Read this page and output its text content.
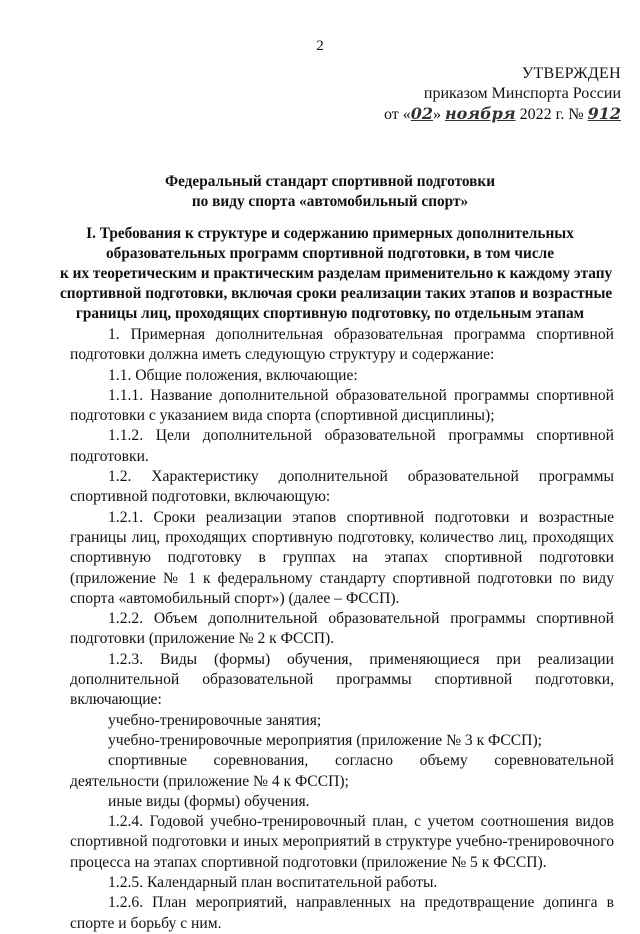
2
УТВЕРЖДЕН
приказом Минспорта России
от «02» ноября 2022 г. № 912
Федеральный стандарт спортивной подготовки
по виду спорта «автомобильный спорт»
I. Требования к структуре и содержанию примерных дополнительных
образовательных программ спортивной подготовки, в том числе
к их теоретическим и практическим разделам применительно к каждому этапу
спортивной подготовки, включая сроки реализации таких этапов и возрастные
границы лиц, проходящих спортивную подготовку, по отдельным этапам
1. Примерная дополнительная образовательная программа спортивной подготовки должна иметь следующую структуру и содержание:
1.1. Общие положения, включающие:
1.1.1. Название дополнительной образовательной программы спортивной подготовки с указанием вида спорта (спортивной дисциплины);
1.1.2. Цели дополнительной образовательной программы спортивной подготовки.
1.2. Характеристику дополнительной образовательной программы спортивной подготовки, включающую:
1.2.1. Сроки реализации этапов спортивной подготовки и возрастные границы лиц, проходящих спортивную подготовку, количество лиц, проходящих спортивную подготовку в группах на этапах спортивной подготовки (приложение № 1 к федеральному стандарту спортивной подготовки по виду спорта «автомобильный спорт») (далее – ФССП).
1.2.2. Объем дополнительной образовательной программы спортивной подготовки (приложение № 2 к ФССП).
1.2.3. Виды (формы) обучения, применяющиеся при реализации дополнительной образовательной программы спортивной подготовки, включающие:
учебно-тренировочные занятия;
учебно-тренировочные мероприятия (приложение № 3 к ФССП);
спортивные соревнования, согласно объему соревновательной деятельности (приложение № 4 к ФССП);
иные виды (формы) обучения.
1.2.4. Годовой учебно-тренировочный план, с учетом соотношения видов спортивной подготовки и иных мероприятий в структуре учебно-тренировочного процесса на этапах спортивной подготовки (приложение № 5 к ФССП).
1.2.5. Календарный план воспитательной работы.
1.2.6. План мероприятий, направленных на предотвращение допинга в спорте и борьбу с ним.
